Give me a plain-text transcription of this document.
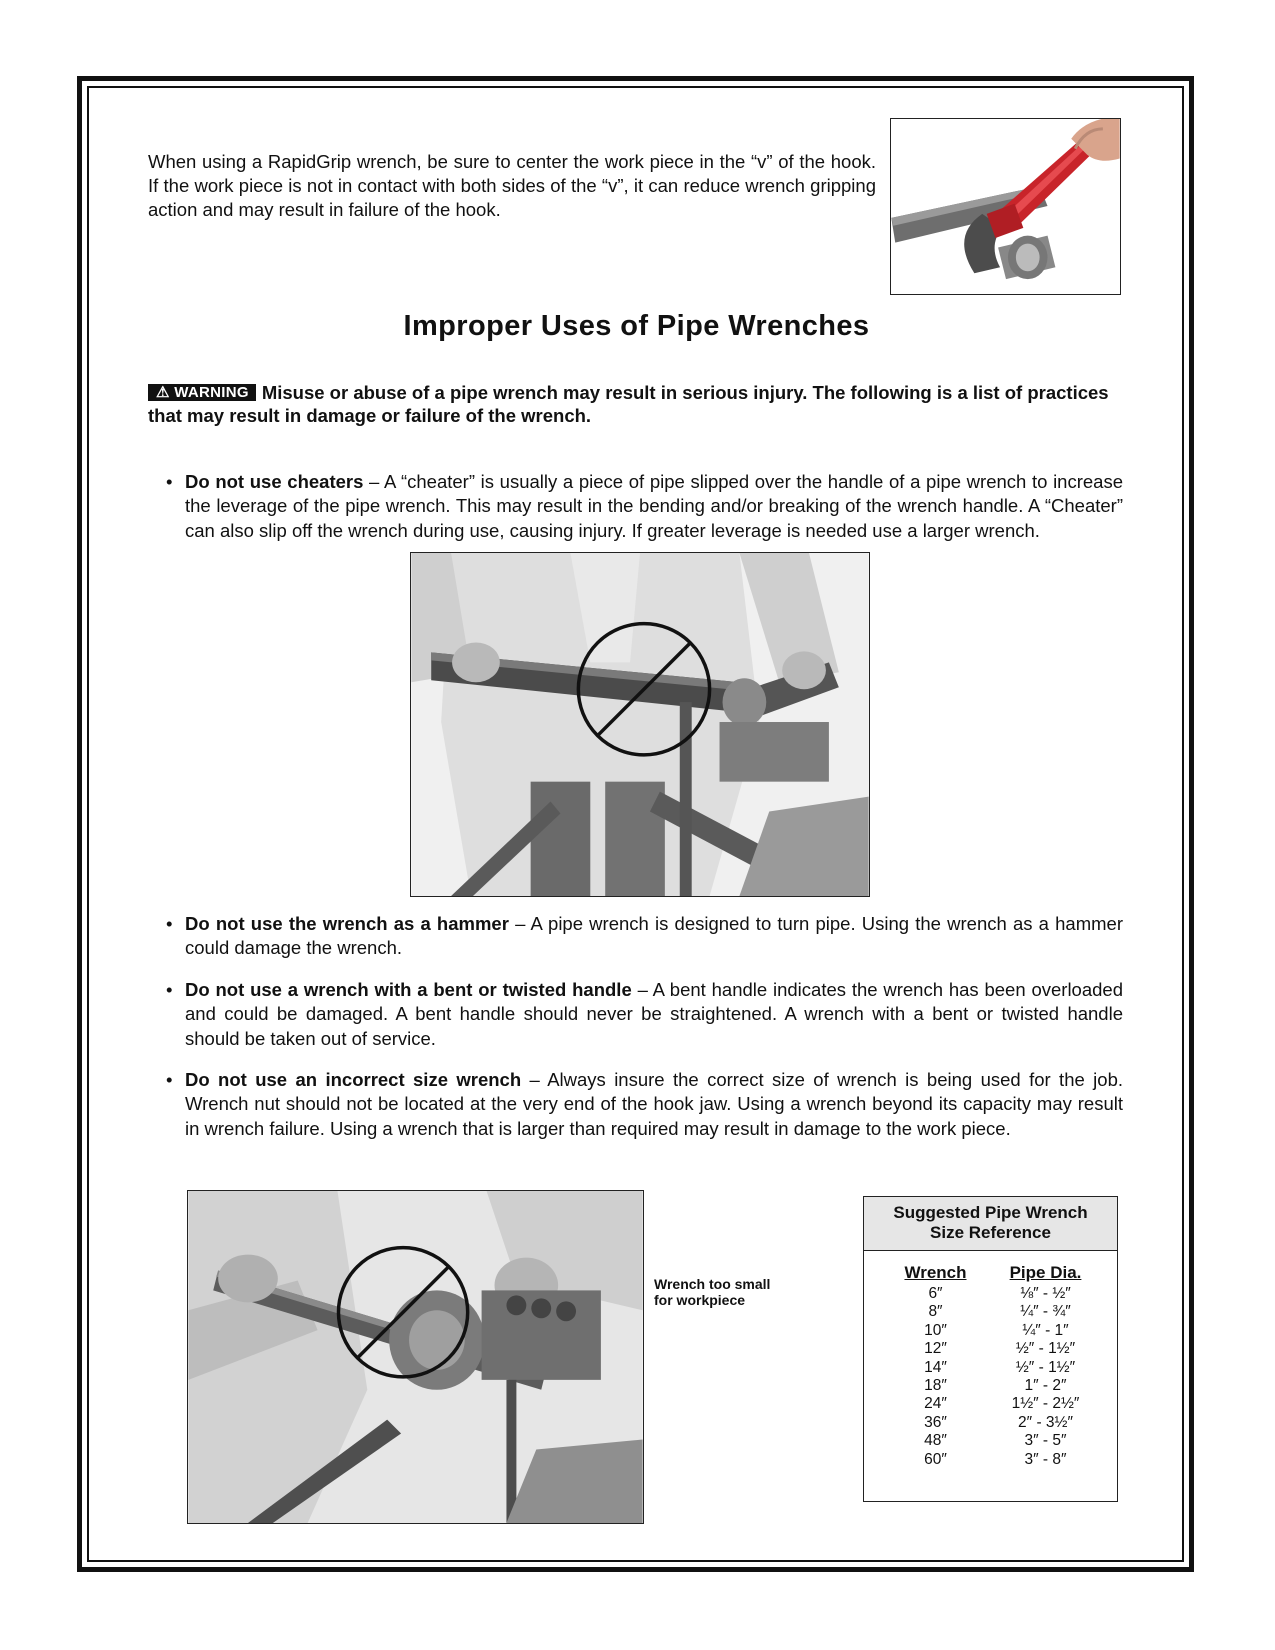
When using a RapidGrip wrench, be sure to center the work piece in the “v” of the hook. If the work piece is not in contact with both sides of the “v”, it can reduce wrench gripping action and may result in failure of the hook.

Improper Uses of Pipe Wrenches

⚠ WARNING Misuse or abuse of a pipe wrench may result in serious injury. The following is a list of practices that may result in damage or failure of the wrench.

• Do not use cheaters – A “cheater” is usually a piece of pipe slipped over the handle of a pipe wrench to increase the leverage of the pipe wrench. This may result in the bending and/or breaking of the wrench handle. A “Cheater” can also slip off the wrench during use, causing injury. If greater leverage is needed use a larger wrench.

• Do not use the wrench as a hammer – A pipe wrench is designed to turn pipe. Using the wrench as a hammer could damage the wrench.

• Do not use a wrench with a bent or twisted handle – A bent handle indicates the wrench has been overloaded and could be damaged. A bent handle should never be straightened. A wrench with a bent or twisted handle should be taken out of service.

• Do not use an incorrect size wrench – Always insure the correct size of wrench is being used for the job. Wrench nut should not be located at the very end of the hook jaw. Using a wrench beyond its capacity may result in wrench failure. Using a wrench that is larger than required may result in damage to the work piece.

Wrench too small
for workpiece
Suggested Pipe Wrench
Size Reference
Wrench	Pipe Dia.
6″	⅛″ - ½″
8″	¼″ - ¾″
10″	¼″ - 1″
12″	½″ - 1½″
14″	½″ - 1½″
18″	1″ - 2″
24″	1½″ - 2½″
36″	2″ - 3½″
48″	3″ - 5″
60″	3″ - 8″
